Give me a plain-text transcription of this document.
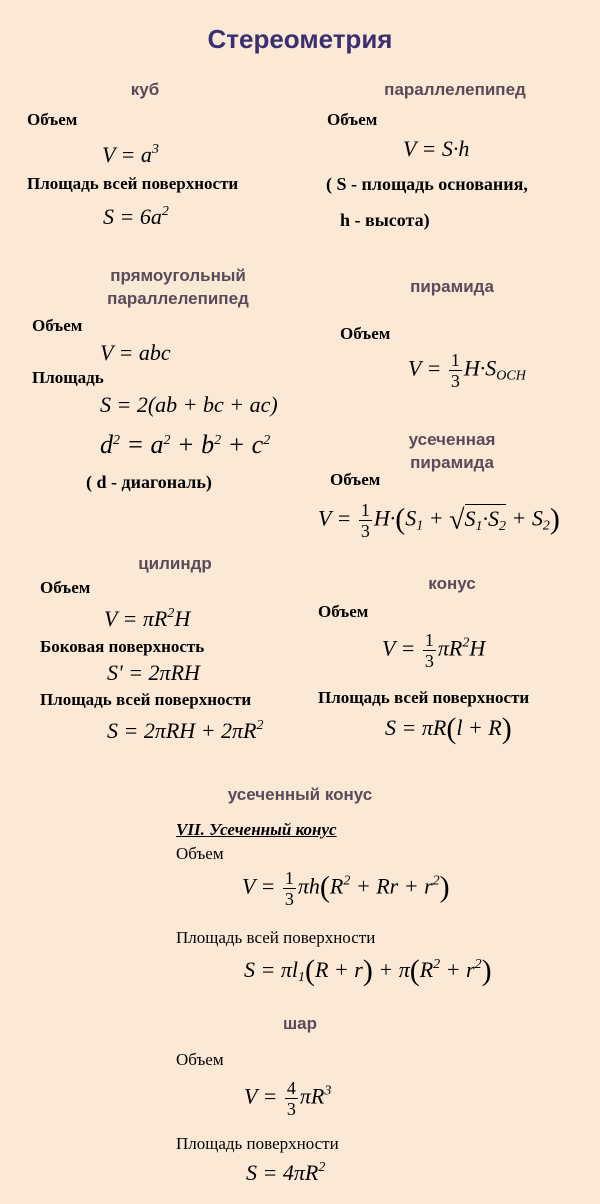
Стереометрия
куб
Объем
$V = a^3$
Площадь всей поверхности
$S = 6a^2$
параллелепипед
Объем
V = S·h
( S - площадь основания,
h - высота)
прямоугольный
параллелепипед
Объем
V = abc
Площадь
S = 2(ab + bc + ac)
$d^2 = a^2 + b^2 + c^2$
( d - диагональ)
пирамида
Объем
$V = \frac{1}{3} H\cdot S_{OCH}$
усеченная
пирамида
Объем
$V = \frac{1}{3} H\cdot(S_1 + √S_1\cdot S_2 + S_2)$
цилиндр
Объем
$V = \pi R^2H$
Боковая поверхность
S' = 2πRH
Площадь всей поверхности
$S = 2\pi RH + 2\pi R^2$
конус
Объем
$V = \frac{1}{3} \pi R^2H$
Площадь всей поверхности
S = πR(l + R)
усеченный конус
VII. Усеченный конус
Объем
$V = \frac{1}{3} \pi h(R^2 + Rr + r^2)$
Площадь всей поверхности
$S = \pi l_1(R + r) + \pi(R^2 + r^2)$
шар
Объем
$V = \frac{4}{3} \pi R^3$
Площадь поверхности
$S = 4\pi R^2$
